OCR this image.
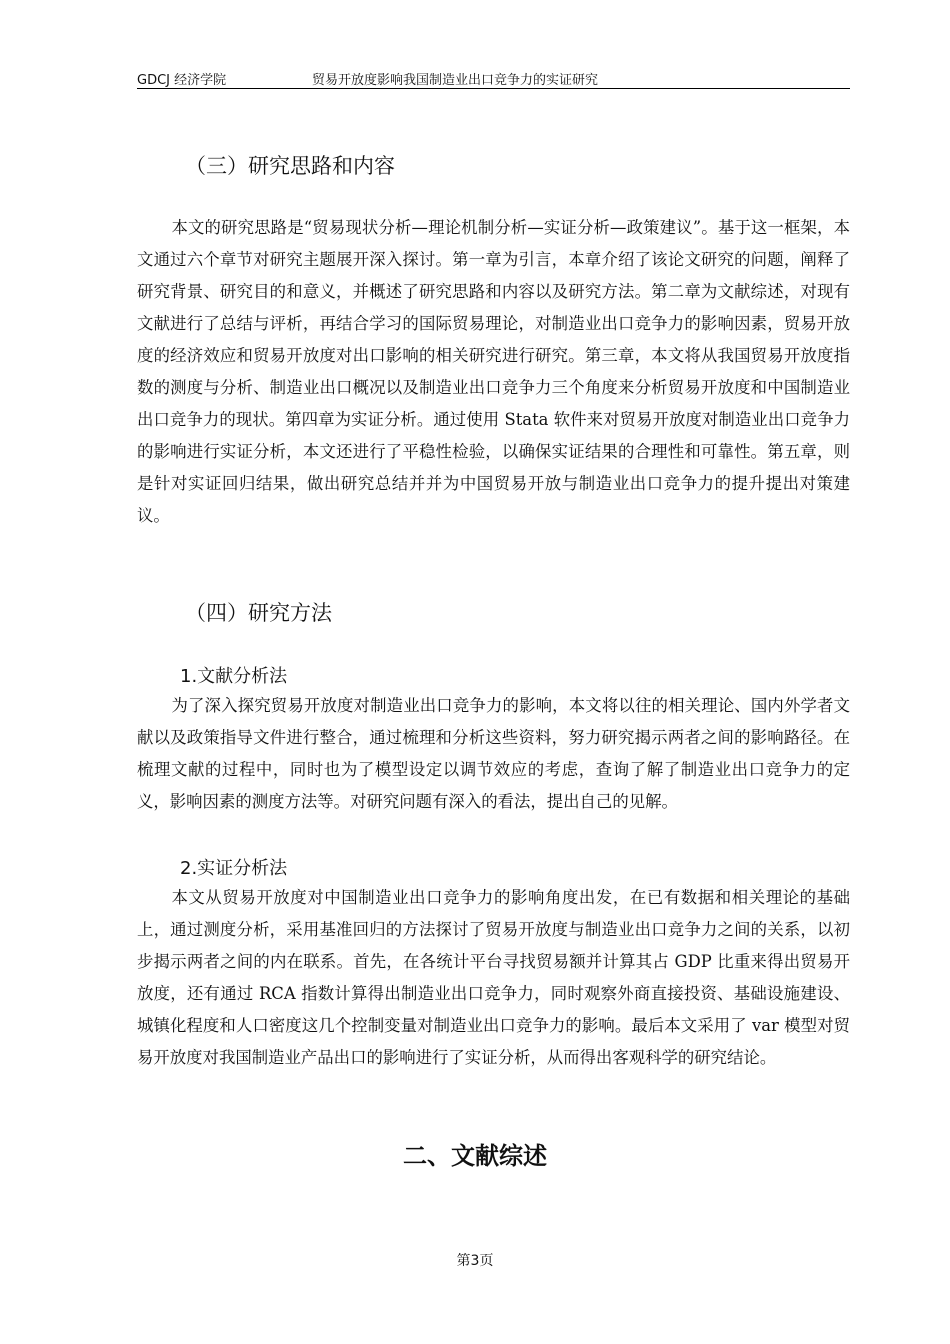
GDCJ 经济学院	贸易开放度影响我国制造业出口竞争力的实证研究
（三）研究思路和内容

本文的研究思路是“贸易现状分析—理论机制分析—实证分析—政策建议”。基于这一框架，本文通过六个章节对研究主题展开深入探讨。第一章为引言，本章介绍了该论文研究的问题，阐释了研究背景、研究目的和意义，并概述了研究思路和内容以及研究方法。第二章为文献综述，对现有文献进行了总结与评析，再结合学习的国际贸易理论，对制造业出口竞争力的影响因素，贸易开放度的经济效应和贸易开放度对出口影响的相关研究进行研究。第三章，本文将从我国贸易开放度指数的测度与分析、制造业出口概况以及制造业出口竞争力三个角度来分析贸易开放度和中国制造业出口竞争力的现状。第四章为实证分析。通过使用 Stata 软件来对贸易开放度对制造业出口竞争力的影响进行实证分析，本文还进行了平稳性检验，以确保实证结果的合理性和可靠性。第五章，则是针对实证回归结果，做出研究总结并并为中国贸易开放与制造业出口竞争力的提升提出对策建议。

（四）研究方法
1.文献分析法

为了深入探究贸易开放度对制造业出口竞争力的影响，本文将以往的相关理论、国内外学者文献以及政策指导文件进行整合，通过梳理和分析这些资料，努力研究揭示两者之间的影响路径。在梳理文献的过程中，同时也为了模型设定以调节效应的考虑，查询了解了制造业出口竞争力的定义，影响因素的测度方法等。对研究问题有深入的看法，提出自己的见解。

2.实证分析法

本文从贸易开放度对中国制造业出口竞争力的影响角度出发，在已有数据和相关理论的基础上，通过测度分析，采用基准回归的方法探讨了贸易开放度与制造业出口竞争力之间的关系，以初步揭示两者之间的内在联系。首先，在各统计平台寻找贸易额并计算其占 GDP 比重来得出贸易开放度，还有通过 RCA 指数计算得出制造业出口竞争力，同时观察外商直接投资、基础设施建设、城镇化程度和人口密度这几个控制变量对制造业出口竞争力的影响。最后本文采用了 var 模型对贸易开放度对我国制造业产品出口的影响进行了实证分析，从而得出客观科学的研究结论。

二、文献综述
第3页
